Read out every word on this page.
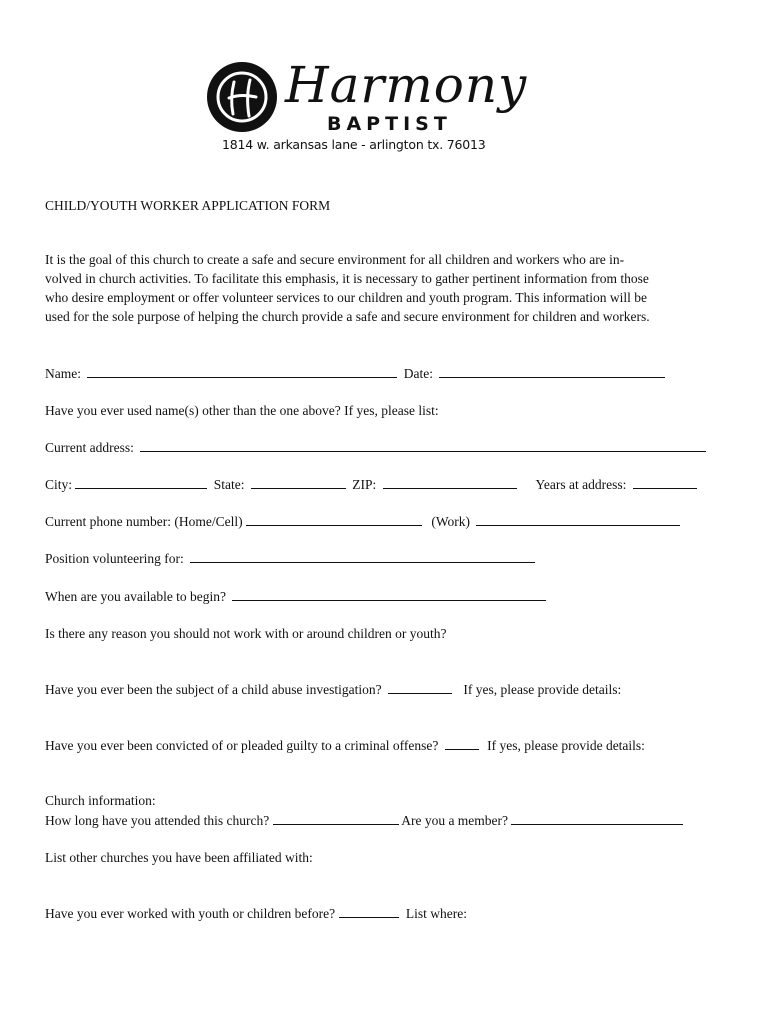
Harmony
BAPTIST
1814 w. arkansas lane - arlington tx. 76013
CHILD/YOUTH WORKER APPLICATION FORM
It is the goal of this church to create a safe and secure environment for all children and workers who are in-
volved in church activities. To facilitate this emphasis, it is necessary to gather pertinent information from those
who desire employment or offer volunteer services to our children and youth program. This information will be
used for the sole purpose of helping the church provide a safe and secure environment for children and workers.
Name:	Date:
Have you ever used name(s) other than the one above? If yes, please list:
Current address:
City:	State:	ZIP:	Years at address:
Current phone number: (Home/Cell)	(Work)
Position volunteering for:
When are you available to begin?
Is there any reason you should not work with or around children or youth?
Have you ever been the subject of a child abuse investigation?	If yes, please provide details:
Have you ever been convicted of or pleaded guilty to a criminal offense?	If yes, please provide details:
Church information:
How long have you attended this church?	Are you a member?
List other churches you have been affiliated with:
Have you ever worked with youth or children before?	List where:
